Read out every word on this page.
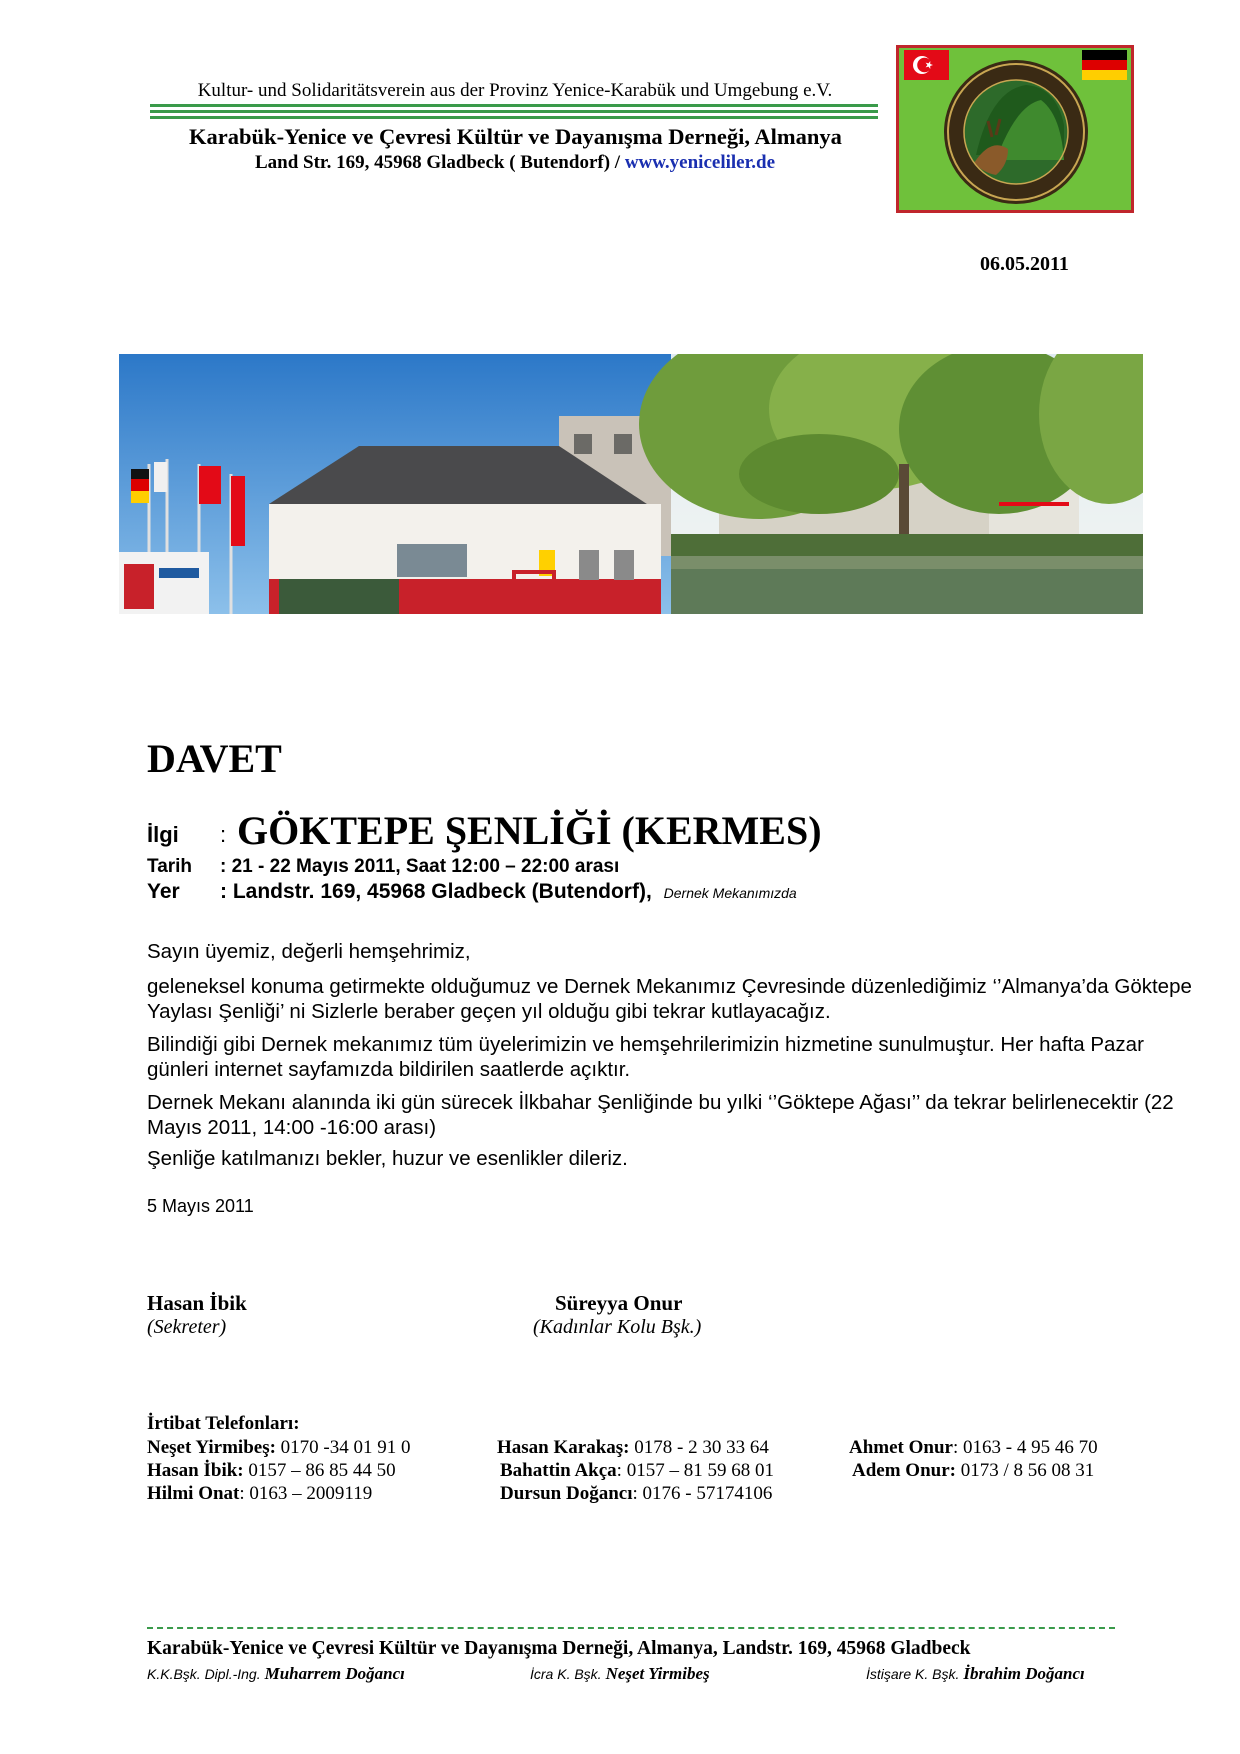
Kultur- und Solidaritätsverein aus der Provinz Yenice-Karabük und Umgebung e.V.
Karabük-Yenice ve Çevresi Kültür ve Dayanışma Derneği, Almanya
Land Str. 169, 45968 Gladbeck ( Butendorf) / www.yeniceliler.de
06.05.2011
DAVET
İlgi : GÖKTEPE ŞENLİĞİ (KERMES)
Tarih : 21 - 22 Mayıs 2011, Saat 12:00 – 22:00 arası
Yer : Landstr. 169, 45968 Gladbeck (Butendorf), Dernek Mekanımızda
Sayın üyemiz, değerli hemşehrimiz,
geleneksel konuma getirmekte olduğumuz ve Dernek Mekanımız Çevresinde düzenlediğimiz ‘’Almanya’da Göktepe Yaylası Şenliği’ ni Sizlerle beraber geçen yıl olduğu gibi tekrar kutlayacağız.
Bilindiği gibi Dernek mekanımız tüm üyelerimizin ve hemşehrilerimizin hizmetine sunulmuştur. Her hafta Pazar günleri internet sayfamızda bildirilen saatlerde açıktır.
Dernek Mekanı alanında iki gün sürecek İlkbahar Şenliğinde bu yılki ‘’Göktepe Ağası’’ da tekrar belirlenecektir (22 Mayıs 2011, 14:00 -16:00 arası)
Şenliğe katılmanızı bekler, huzur ve esenlikler dileriz.
5 Mayıs 2011
Hasan İbik
(Sekreter)
Süreyya Onur
(Kadınlar Kolu Bşk.)
İrtibat Telefonları:
Neşet Yirmibeş: 0170 -34 01 91 0
Hasan İbik: 0157 – 86 85 44 50
Hilmi Onat: 0163 – 2009119
Hasan Karakaş: 0178 - 2 30 33 64
Bahattin Akça: 0157 – 81 59 68 01
Dursun Doğancı: 0176 - 57174106
Ahmet Onur: 0163 - 4 95 46 70
Adem Onur: 0173 / 8 56 08 31
Karabük-Yenice ve Çevresi Kültür ve Dayanışma Derneği, Almanya, Landstr. 169, 45968 Gladbeck
K.K.Bşk. Dipl.-Ing. Muharrem Doğancı	İcra K. Bşk. Neşet Yirmibeş	İstişare K. Bşk. İbrahim Doğancı
